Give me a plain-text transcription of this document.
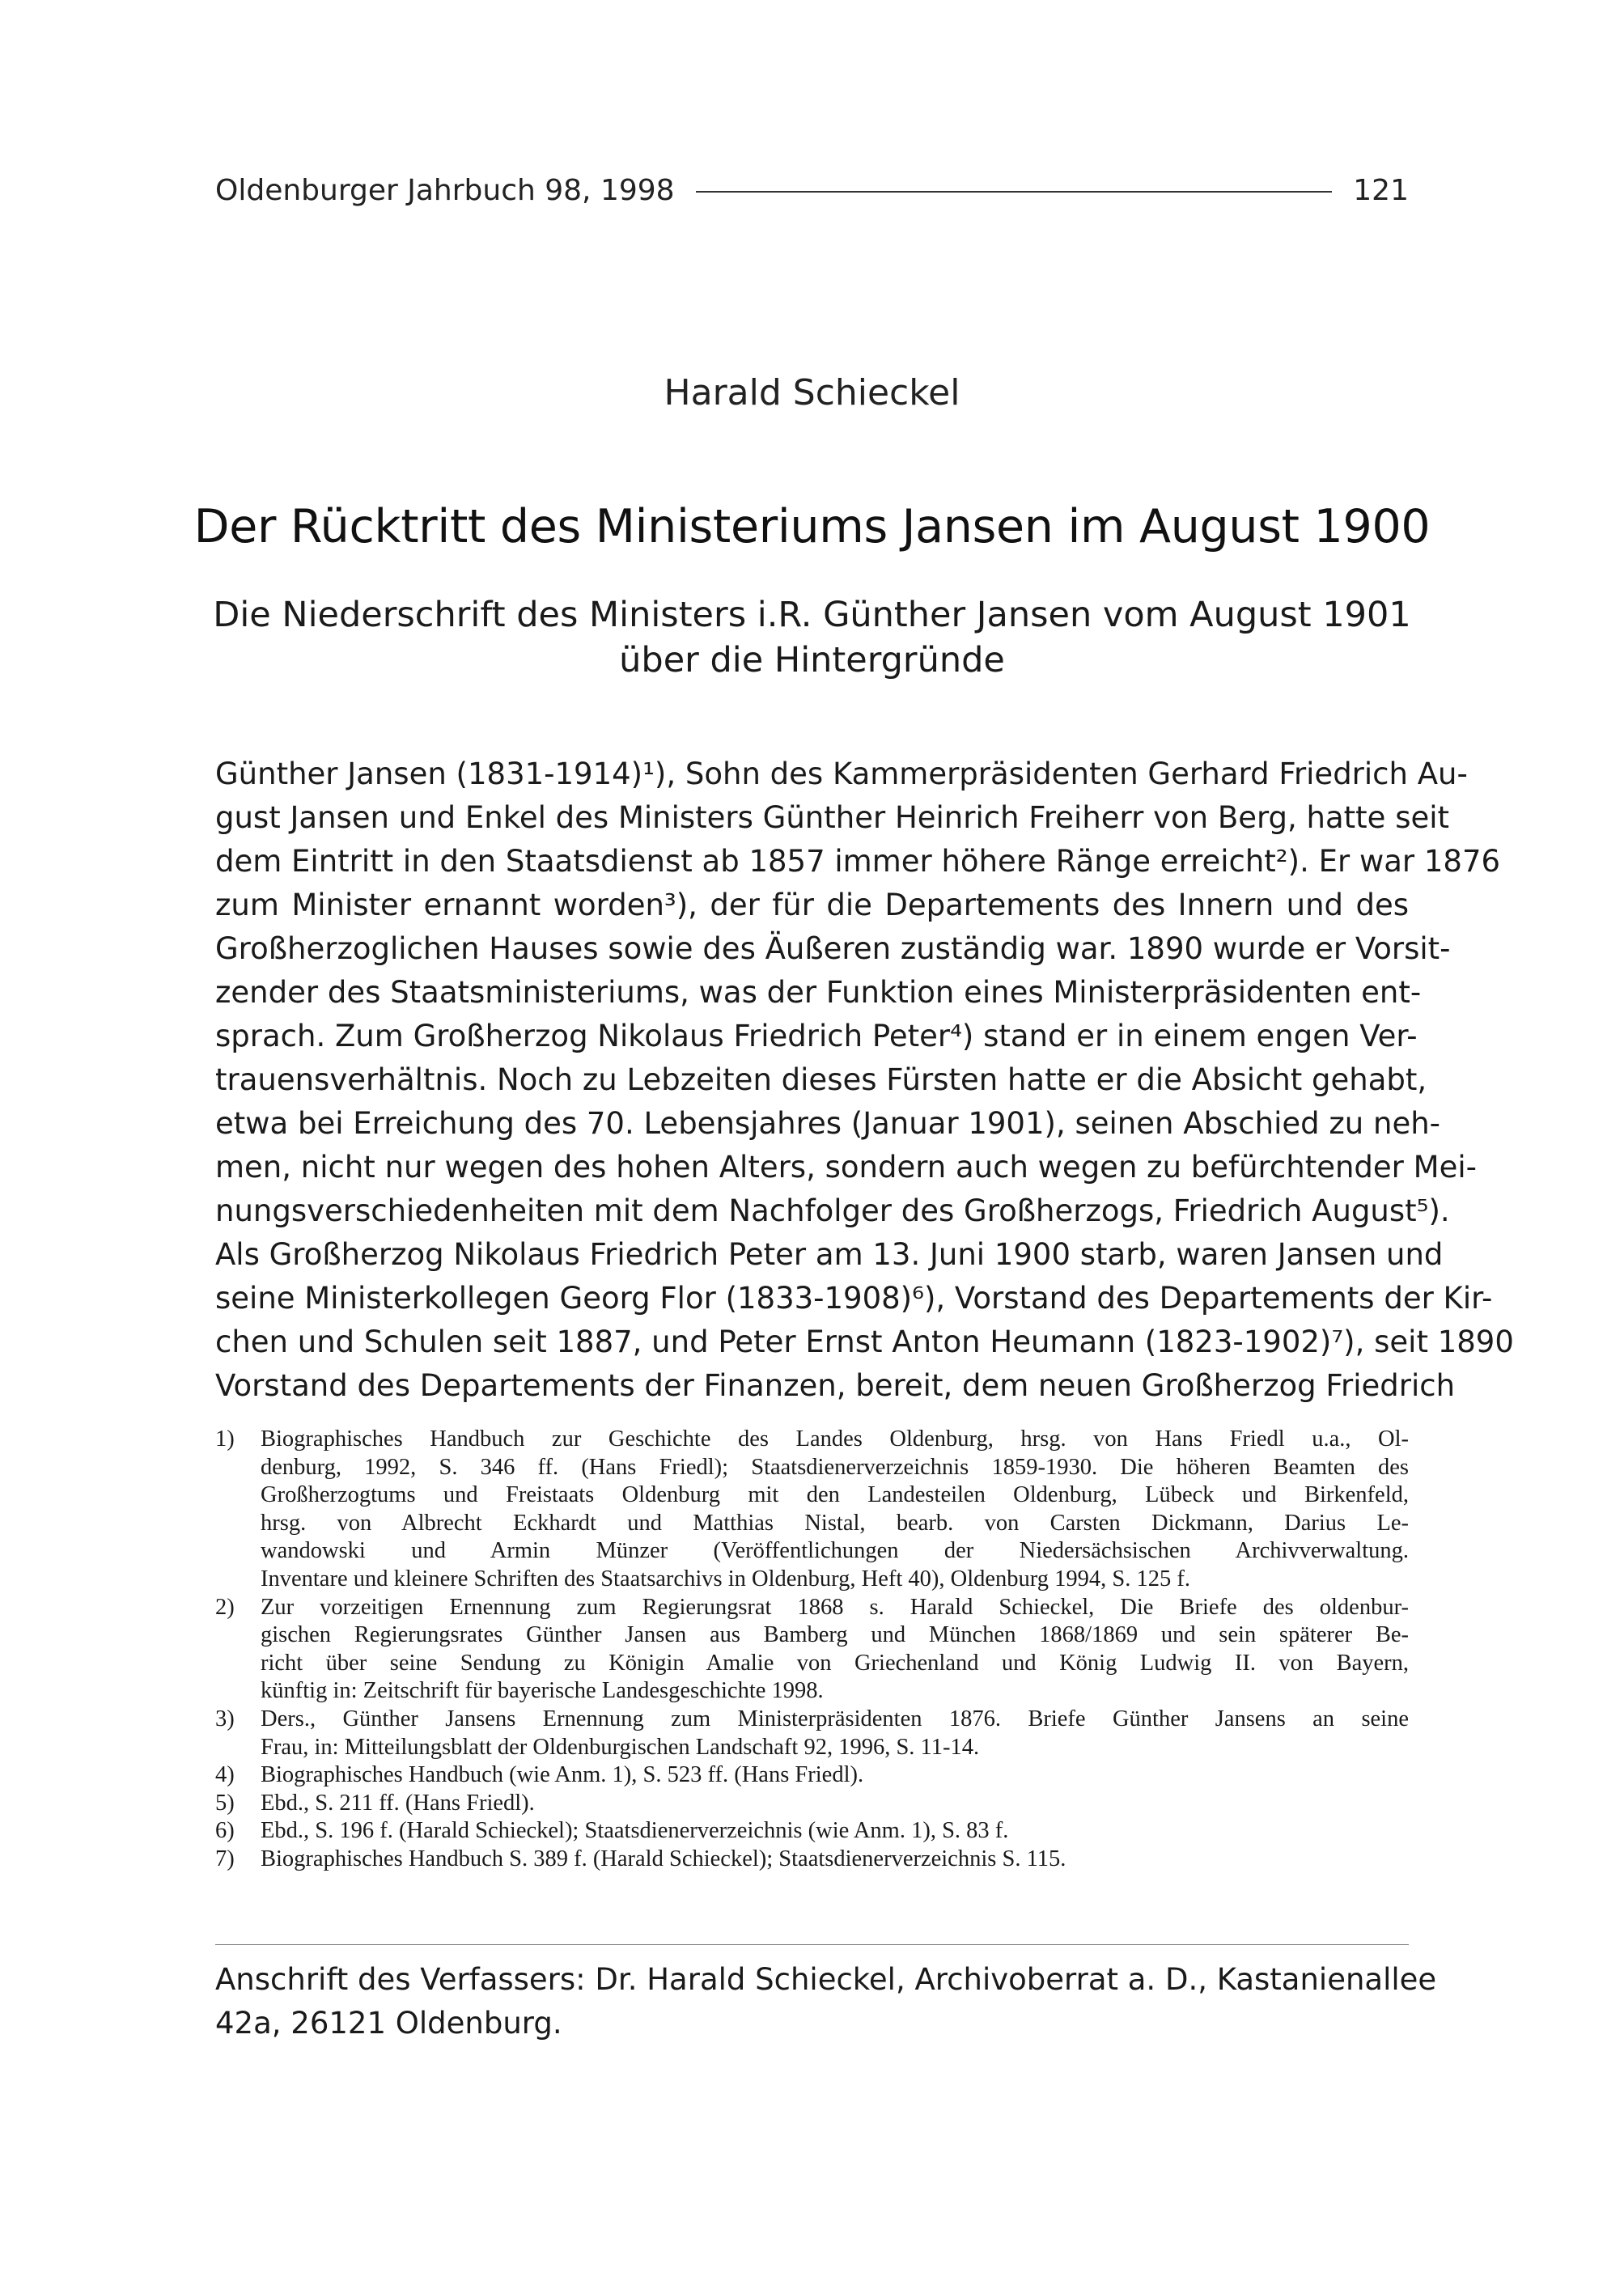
Oldenburger Jahrbuch 98, 1998	121
Harald Schieckel
Der Rücktritt des Ministeriums Jansen im August 1900
Die Niederschrift des Ministers i.R. Günther Jansen vom August 1901
über die Hintergründe
Günther Jansen (1831-1914)¹), Sohn des Kammerpräsidenten Gerhard Friedrich Au-
gust Jansen und Enkel des Ministers Günther Heinrich Freiherr von Berg, hatte seit
dem Eintritt in den Staatsdienst ab 1857 immer höhere Ränge erreicht²). Er war 1876
zum Minister ernannt worden³), der für die Departements des Innern und des
Großherzoglichen Hauses sowie des Äußeren zuständig war. 1890 wurde er Vorsit-
zender des Staatsministeriums, was der Funktion eines Ministerpräsidenten ent-
sprach. Zum Großherzog Nikolaus Friedrich Peter⁴) stand er in einem engen Ver-
trauensverhältnis. Noch zu Lebzeiten dieses Fürsten hatte er die Absicht gehabt,
etwa bei Erreichung des 70. Lebensjahres (Januar 1901), seinen Abschied zu neh-
men, nicht nur wegen des hohen Alters, sondern auch wegen zu befürchtender Mei-
nungsverschiedenheiten mit dem Nachfolger des Großherzogs, Friedrich August⁵).
Als Großherzog Nikolaus Friedrich Peter am 13. Juni 1900 starb, waren Jansen und
seine Ministerkollegen Georg Flor (1833-1908)⁶), Vorstand des Departements der Kir-
chen und Schulen seit 1887, und Peter Ernst Anton Heumann (1823-1902)⁷), seit 1890
Vorstand des Departements der Finanzen, bereit, dem neuen Großherzog Friedrich
1)	Biographisches Handbuch zur Geschichte des Landes Oldenburg, hrsg. von Hans Friedl u.a., Ol-
denburg, 1992, S. 346 ff. (Hans Friedl); Staatsdienerverzeichnis 1859-1930. Die höheren Beamten des
Großherzogtums und Freistaats Oldenburg mit den Landesteilen Oldenburg, Lübeck und Birkenfeld,
hrsg. von Albrecht Eckhardt und Matthias Nistal, bearb. von Carsten Dickmann, Darius Le-
wandowski und Armin Münzer (Veröffentlichungen der Niedersächsischen Archivverwaltung.
Inventare und kleinere Schriften des Staatsarchivs in Oldenburg, Heft 40), Oldenburg 1994, S. 125 f.
2)	Zur vorzeitigen Ernennung zum Regierungsrat 1868 s. Harald Schieckel, Die Briefe des oldenbur-
gischen Regierungsrates Günther Jansen aus Bamberg und München 1868/1869 und sein späterer Be-
richt über seine Sendung zu Königin Amalie von Griechenland und König Ludwig II. von Bayern,
künftig in: Zeitschrift für bayerische Landesgeschichte 1998.
3)	Ders., Günther Jansens Ernennung zum Ministerpräsidenten 1876. Briefe Günther Jansens an seine
Frau, in: Mitteilungsblatt der Oldenburgischen Landschaft 92, 1996, S. 11-14.
4)	Biographisches Handbuch (wie Anm. 1), S. 523 ff. (Hans Friedl).
5)	Ebd., S. 211 ff. (Hans Friedl).
6)	Ebd., S. 196 f. (Harald Schieckel); Staatsdienerverzeichnis (wie Anm. 1), S. 83 f.
7)	Biographisches Handbuch S. 389 f. (Harald Schieckel); Staatsdienerverzeichnis S. 115.
Anschrift des Verfassers: Dr. Harald Schieckel, Archivoberrat a. D., Kastanienallee
42a, 26121 Oldenburg.
